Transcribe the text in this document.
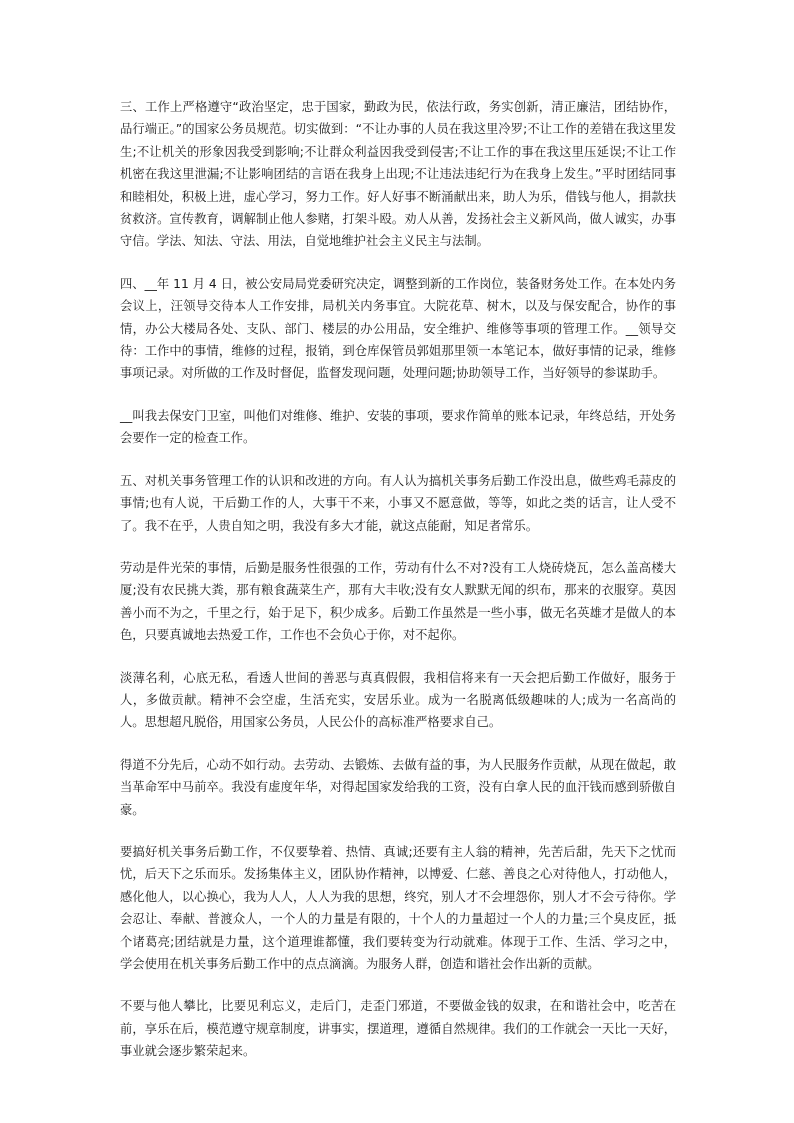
三、工作上严格遵守“政治坚定，忠于国家，勤政为民，依法行政，务实创新，清正廉洁，团结协作，品行端正。”的国家公务员规范。切实做到：“不让办事的人员在我这里冷罗;不让工作的差错在我这里发生;不让机关的形象因我受到影响;不让群众利益因我受到侵害;不让工作的事在我这里压延误;不让工作机密在我这里泄漏;不让影响团结的言语在我身上出现;不让违法违纪行为在我身上发生。”平时团结同事和睦相处，积极上进，虚心学习，努力工作。好人好事不断涌献出来，助人为乐，借钱与他人，捐款扶贫救济。宣传教育，调解制止他人参赌，打架斗殴。劝人从善，发扬社会主义新风尚，做人诚实，办事守信。学法、知法、守法、用法，自觉地维护社会主义民主与法制。

四、__年 11 月 4 日，被公安局局党委研究决定，调整到新的工作岗位，装备财务处工作。在本处内务会议上，汪领导交待本人工作安排，局机关内务事宜。大院花草、树木，以及与保安配合，协作的事情，办公大楼局各处、支队、部门、楼层的办公用品，安全维护、维修等事项的管理工作。__领导交待：工作中的事情，维修的过程，报销，到仓库保管员郭姐那里领一本笔记本，做好事情的记录，维修事项记录。对所做的工作及时督促，监督发现问题，处理问题;协助领导工作，当好领导的参谋助手。

__叫我去保安门卫室，叫他们对维修、维护、安装的事项，要求作简单的账本记录，年终总结，开处务会要作一定的检查工作。

五、对机关事务管理工作的认识和改进的方向。有人认为搞机关事务后勤工作没出息，做些鸡毛蒜皮的事情;也有人说，干后勤工作的人，大事干不来，小事又不愿意做，等等，如此之类的话言，让人受不了。我不在乎，人贵自知之明，我没有多大才能，就这点能耐，知足者常乐。

劳动是件光荣的事情，后勤是服务性很强的工作，劳动有什么不对?没有工人烧砖烧瓦，怎么盖高楼大厦;没有农民挑大粪，那有粮食蔬菜生产，那有大丰收;没有女人默默无闻的织布，那来的衣服穿。莫因善小而不为之，千里之行，始于足下，积少成多。后勤工作虽然是一些小事，做无名英雄才是做人的本色，只要真诚地去热爱工作，工作也不会负心于你，对不起你。

淡薄名利，心底无私，看透人世间的善恶与真真假假，我相信将来有一天会把后勤工作做好，服务于人，多做贡献。精神不会空虚，生活充实，安居乐业。成为一名脱离低级趣味的人;成为一名高尚的人。思想超凡脱俗，用国家公务员，人民公仆的高标准严格要求自己。

得道不分先后，心动不如行动。去劳动、去锻炼、去做有益的事，为人民服务作贡献，从现在做起，敢当革命军中马前卒。我没有虚度年华，对得起国家发给我的工资，没有白拿人民的血汗钱而感到骄傲自豪。

要搞好机关事务后勤工作，不仅要挚着、热情、真诚;还要有主人翁的精神，先苦后甜，先天下之忧而忧，后天下之乐而乐。发扬集体主义，团队协作精神，以博爱、仁慈、善良之心对待他人，打动他人，感化他人，以心换心，我为人人，人人为我的思想，终究，别人才不会埋怨你，别人才不会亏待你。学会忍让、奉献、普渡众人，一个人的力量是有限的，十个人的力量超过一个人的力量;三个臭皮匠，抵个诸葛亮;团结就是力量，这个道理谁都懂，我们要转变为行动就难。体现于工作、生活、学习之中，学会使用在机关事务后勤工作中的点点滴滴。为服务人群，创造和谐社会作出新的贡献。

不要与他人攀比，比要见利忘义，走后门，走歪门邪道，不要做金钱的奴隶，在和谐社会中，吃苦在前，享乐在后，模范遵守规章制度，讲事实，摆道理，遵循自然规律。我们的工作就会一天比一天好，事业就会逐步繁荣起来。
